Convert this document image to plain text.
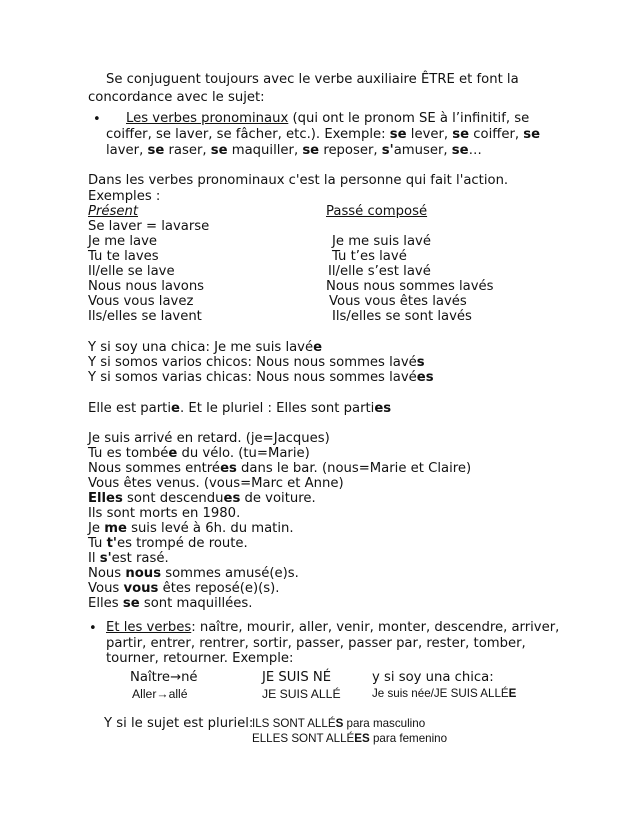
Se conjuguent toujours avec le verbe auxiliaire ÊTRE et font la
concordance avec le sujet:
• Les verbes pronominaux (qui ont le pronom SE à l’infinitif, se
coiffer, se laver, se fâcher, etc.). Exemple: se lever, se coiffer, se
laver, se raser, se maquiller, se reposer, s'amuser, se…
Dans les verbes pronominaux c'est la personne qui fait l'action.
Exemples :
Présent	Passé composé
Se laver = lavarse
Je me lave	Je me suis lavé
Tu te laves	Tu t’es lavé
Il/elle se lave	Il/elle s’est lavé
Nous nous lavons	Nous nous sommes lavés
Vous vous lavez	Vous vous êtes lavés
Ils/elles se lavent	Ils/elles se sont lavés
Y si soy una chica: Je me suis lavée
Y si somos varios chicos: Nous nous sommes lavés
Y si somos varias chicas: Nous nous sommes lavées
Elle est partie. Et le pluriel : Elles sont parties
Je suis arrivé en retard. (je=Jacques)
Tu es tombée du vélo. (tu=Marie)
Nous sommes entrées dans le bar. (nous=Marie et Claire)
Vous êtes venus. (vous=Marc et Anne)
Elles sont descendues de voiture.
Ils sont morts en 1980.
Je me suis levé à 6h. du matin.
Tu t'es trompé de route.
Il s'est rasé.
Nous nous sommes amusé(e)s.
Vous vous êtes reposé(e)(s).
Elles se sont maquillées.
• Et les verbes: naître, mourir, aller, venir, monter, descendre, arriver,
partir, entrer, rentrer, sortir, passer, passer par, rester, tomber,
tourner, retourner. Exemple:
Naître→né	JE SUIS NÉ	y si soy una chica:
Aller→allé	JE SUIS ALLÉ	Je suis née/JE SUIS ALLÉE
Y si le sujet est pluriel:
ILS SONT ALLÉS para masculino
ELLES SONT ALLÉES para femenino
